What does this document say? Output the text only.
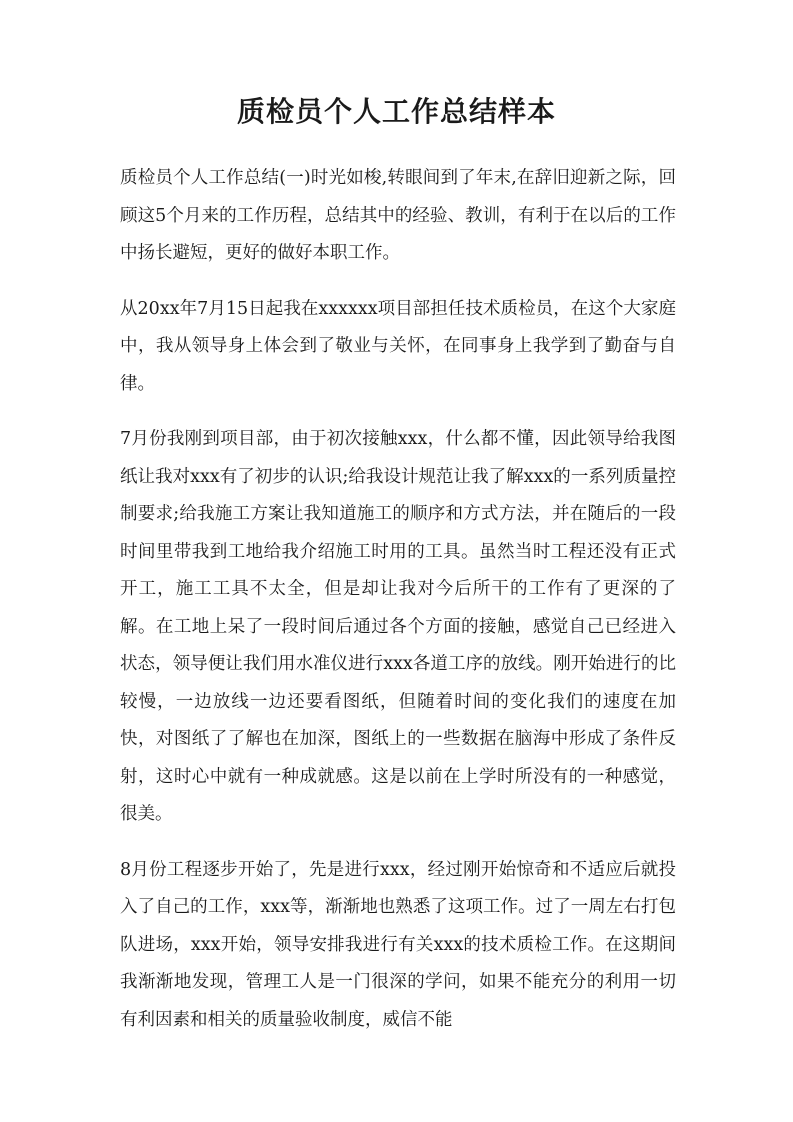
质检员个人工作总结样本

质检员个人工作总结(一)时光如梭,转眼间到了年末,在辞旧迎新之际，回顾这5个月来的工作历程，总结其中的经验、教训，有利于在以后的工作中扬长避短，更好的做好本职工作。

从20xx年7月15日起我在xxxxxx项目部担任技术质检员，在这个大家庭中，我从领导身上体会到了敬业与关怀，在同事身上我学到了勤奋与自律。

7月份我刚到项目部，由于初次接触xxx，什么都不懂，因此领导给我图纸让我对xxx有了初步的认识;给我设计规范让我了解xxx的一系列质量控制要求;给我施工方案让我知道施工的顺序和方式方法，并在随后的一段时间里带我到工地给我介绍施工时用的工具。虽然当时工程还没有正式开工，施工工具不太全，但是却让我对今后所干的工作有了更深的了解。在工地上呆了一段时间后通过各个方面的接触，感觉自己已经进入状态，领导便让我们用水准仪进行xxx各道工序的放线。刚开始进行的比较慢，一边放线一边还要看图纸，但随着时间的变化我们的速度在加快，对图纸了了解也在加深，图纸上的一些数据在脑海中形成了条件反射，这时心中就有一种成就感。这是以前在上学时所没有的一种感觉，很美。

8月份工程逐步开始了，先是进行xxx，经过刚开始惊奇和不适应后就投入了自己的工作，xxx等，渐渐地也熟悉了这项工作。过了一周左右打包队进场，xxx开始，领导安排我进行有关xxx的技术质检工作。在这期间我渐渐地发现，管理工人是一门很深的学问，如果不能充分的利用一切有利因素和相关的质量验收制度，威信不能
